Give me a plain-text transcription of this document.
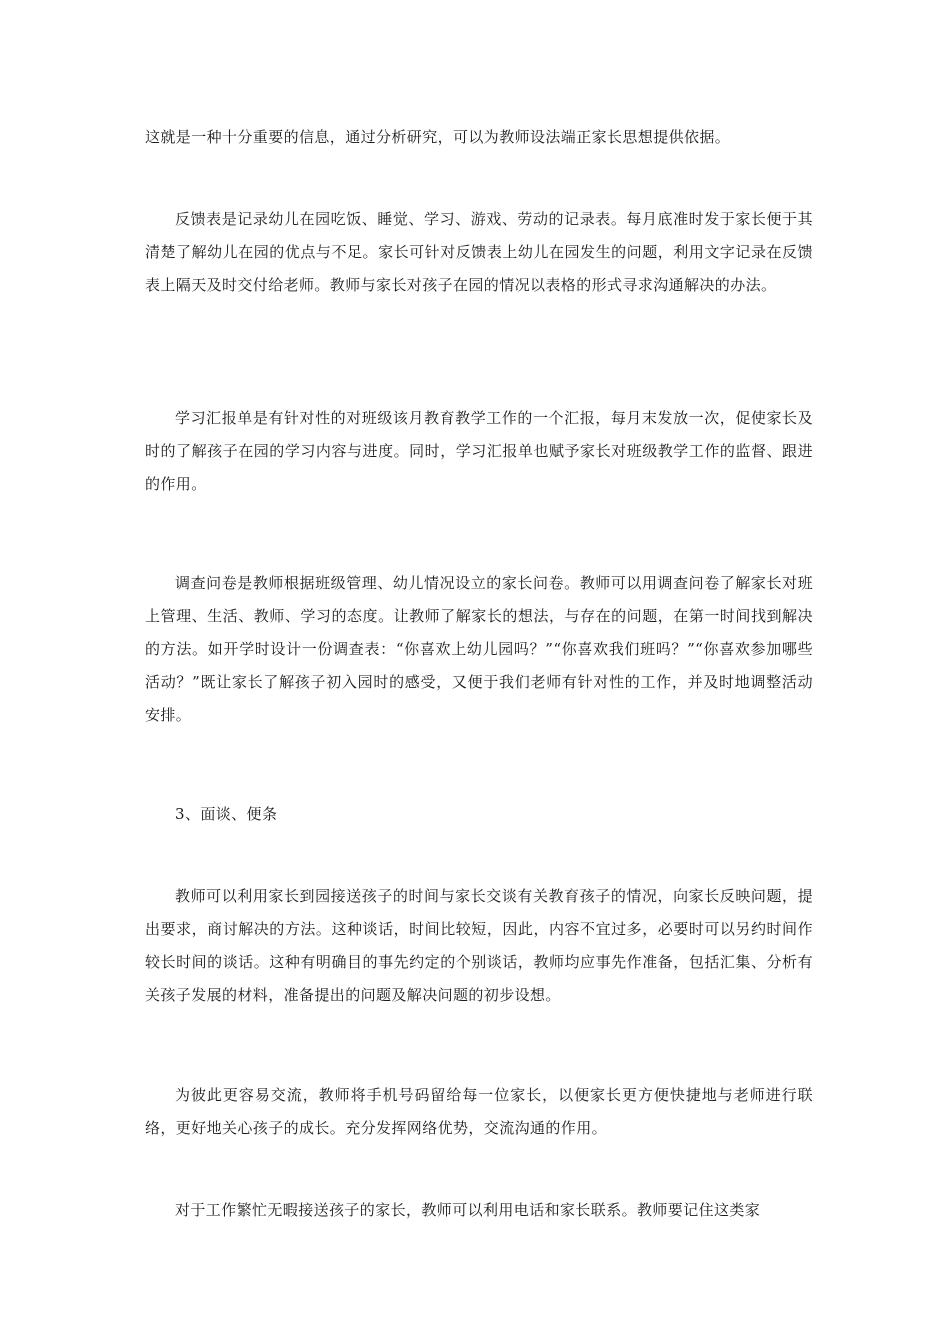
这就是一种十分重要的信息，通过分析研究，可以为教师设法端正家长思想提供依据。

反馈表是记录幼儿在园吃饭、睡觉、学习、游戏、劳动的记录表。每月底准时发于家长便于其清楚了解幼儿在园的优点与不足。家长可针对反馈表上幼儿在园发生的问题，利用文字记录在反馈表上隔天及时交付给老师。教师与家长对孩子在园的情况以表格的形式寻求沟通解决的办法。

学习汇报单是有针对性的对班级该月教育教学工作的一个汇报，每月末发放一次，促使家长及时的了解孩子在园的学习内容与进度。同时，学习汇报单也赋予家长对班级教学工作的监督、跟进的作用。

调查问卷是教师根据班级管理、幼儿情况设立的家长问卷。教师可以用调查问卷了解家长对班上管理、生活、教师、学习的态度。让教师了解家长的想法，与存在的问题，在第一时间找到解决的方法。如开学时设计一份调查表：“你喜欢上幼儿园吗？”“你喜欢我们班吗？”“你喜欢参加哪些活动？”既让家长了解孩子初入园时的感受，又便于我们老师有针对性的工作，并及时地调整活动安排。

3、面谈、便条

教师可以利用家长到园接送孩子的时间与家长交谈有关教育孩子的情况，向家长反映问题，提出要求，商讨解决的方法。这种谈话，时间比较短，因此，内容不宜过多，必要时可以另约时间作较长时间的谈话。这种有明确目的事先约定的个别谈话，教师均应事先作准备，包括汇集、分析有关孩子发展的材料，准备提出的问题及解决问题的初步设想。

为彼此更容易交流，教师将手机号码留给每一位家长，以便家长更方便快捷地与老师进行联络，更好地关心孩子的成长。充分发挥网络优势，交流沟通的作用。

对于工作繁忙无暇接送孩子的家长，教师可以利用电话和家长联系。教师要记住这类家
